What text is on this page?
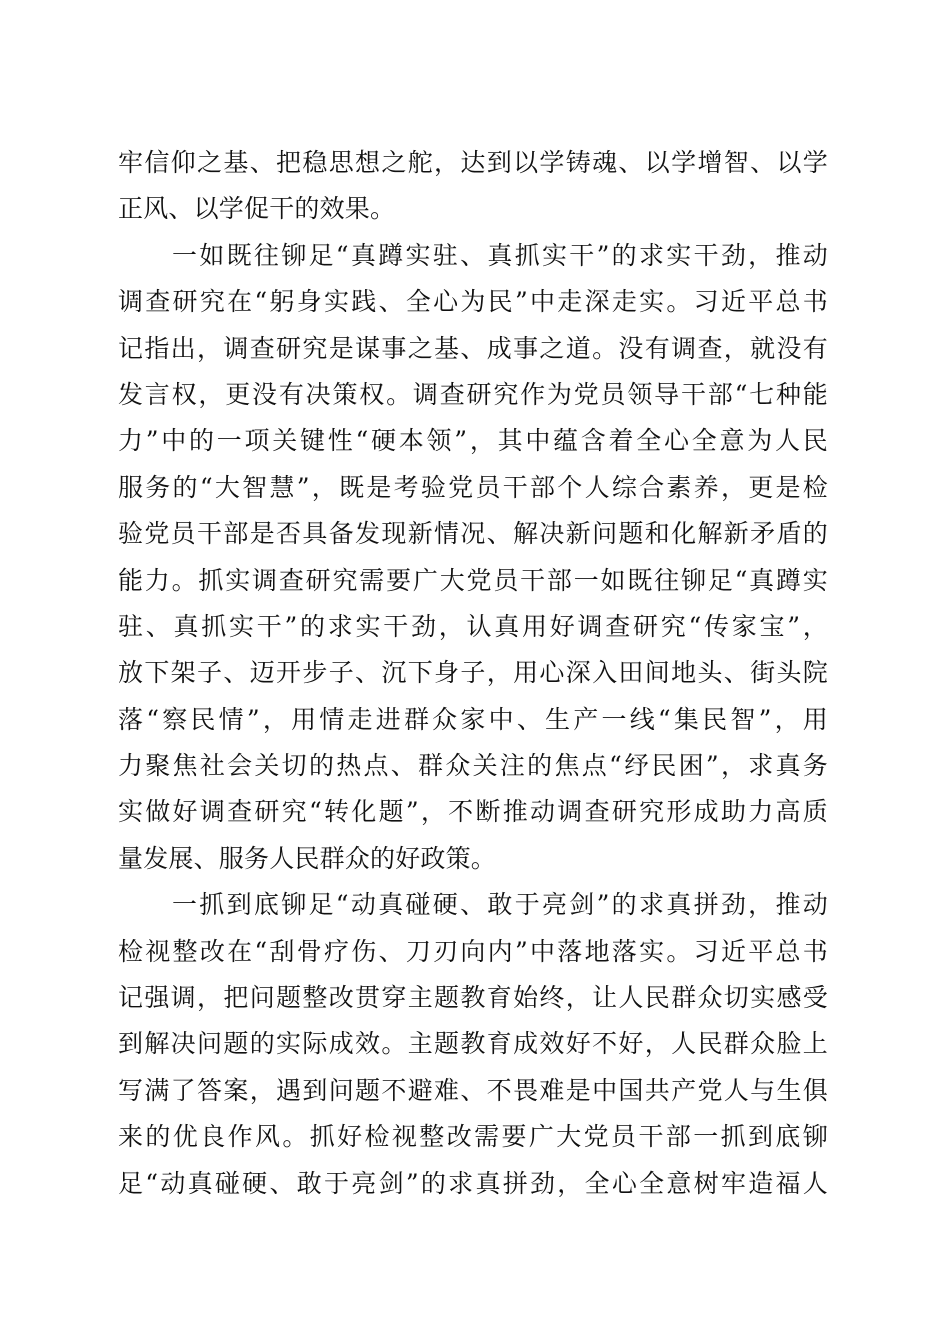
牢信仰之基、把稳思想之舵，达到以学铸魂、以学增智、以学
正风、以学促干的效果。
一如既往铆足“真蹲实驻、真抓实干”的求实干劲，推动
调查研究在“躬身实践、全心为民”中走深走实。习近平总书
记指出，调查研究是谋事之基、成事之道。没有调查，就没有
发言权，更没有决策权。调查研究作为党员领导干部“七种能
力”中的一项关键性“硬本领”，其中蕴含着全心全意为人民
服务的“大智慧”，既是考验党员干部个人综合素养，更是检
验党员干部是否具备发现新情况、解决新问题和化解新矛盾的
能力。抓实调查研究需要广大党员干部一如既往铆足“真蹲实
驻、真抓实干”的求实干劲，认真用好调查研究“传家宝”，
放下架子、迈开步子、沉下身子，用心深入田间地头、街头院
落“察民情”，用情走进群众家中、生产一线“集民智”，用
力聚焦社会关切的热点、群众关注的焦点“纾民困”，求真务
实做好调查研究“转化题”，不断推动调查研究形成助力高质
量发展、服务人民群众的好政策。
一抓到底铆足“动真碰硬、敢于亮剑”的求真拼劲，推动
检视整改在“刮骨疗伤、刀刃向内”中落地落实。习近平总书
记强调，把问题整改贯穿主题教育始终，让人民群众切实感受
到解决问题的实际成效。主题教育成效好不好，人民群众脸上
写满了答案，遇到问题不避难、不畏难是中国共产党人与生俱
来的优良作风。抓好检视整改需要广大党员干部一抓到底铆
足“动真碰硬、敢于亮剑”的求真拼劲，全心全意树牢造福人
